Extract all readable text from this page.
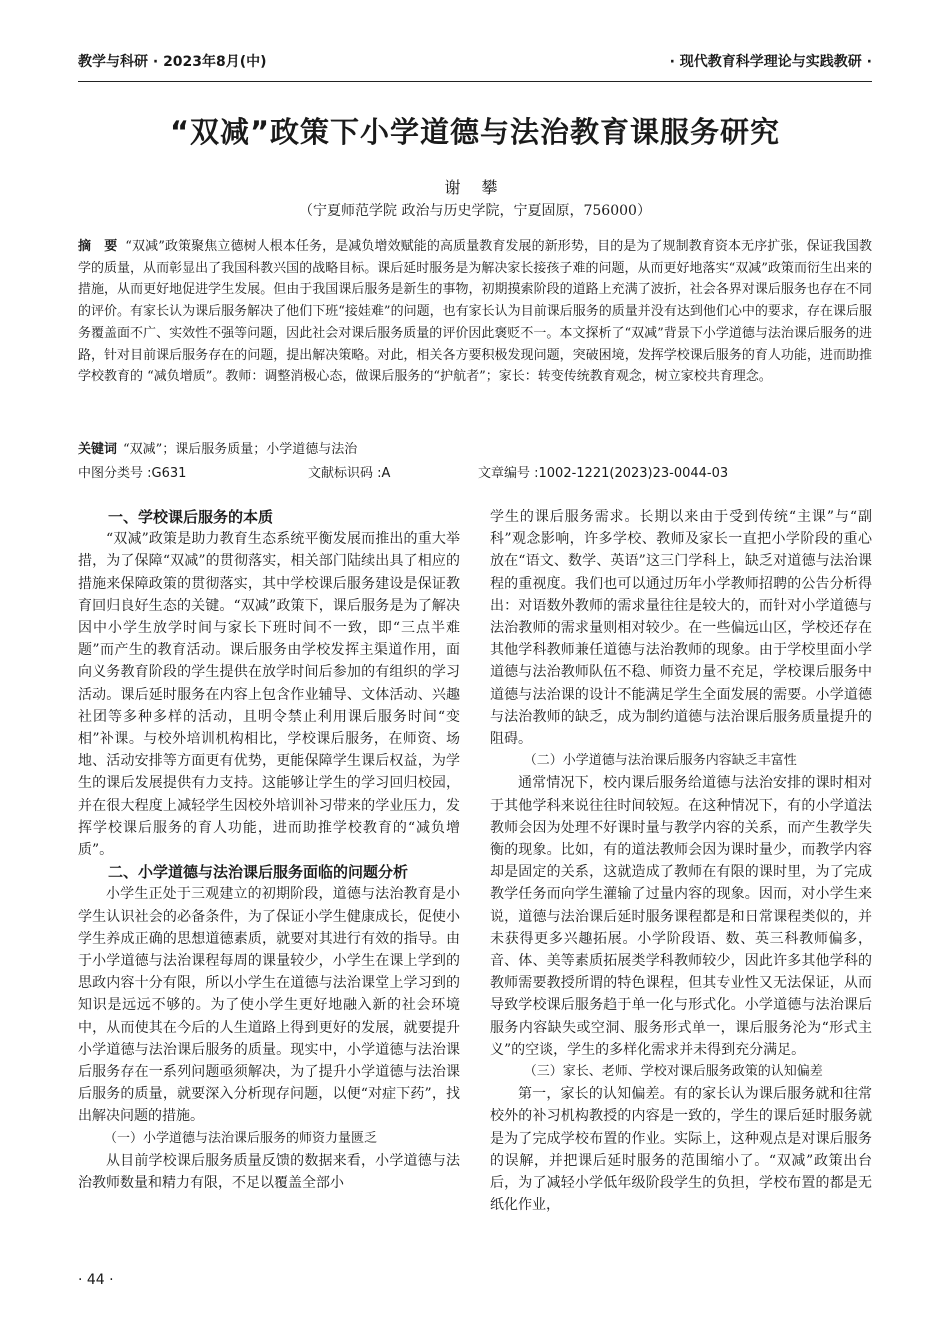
教学与科研 · 2023年8月(中)	· 现代教育科学理论与实践教研 ·
“双减”政策下小学道德与法治教育课服务研究
谢 攀
（宁夏师范学院 政治与历史学院，宁夏固原，756000）
摘　要 “双减”政策聚焦立德树人根本任务，是减负增效赋能的高质量教育发展的新形势，目的是为了规制教育资本无序扩张，保证我国教学的质量，从而彰显出了我国科教兴国的战略目标。课后延时服务是为解决家长接孩子难的问题，从而更好地落实“双减”政策而衍生出来的措施，从而更好地促进学生发展。但由于我国课后服务是新生的事物，初期摸索阶段的道路上充满了波折，社会各界对课后服务也存在不同的评价。有家长认为课后服务解决了他们下班“接娃难”的问题，也有家长认为目前课后服务的质量并没有达到他们心中的要求，存在课后服务覆盖面不广、实效性不强等问题，因此社会对课后服务质量的评价因此褒贬不一。本文探析了“双减”背景下小学道德与法治课后服务的进路，针对目前课后服务存在的问题，提出解决策略。对此，相关各方要积极发现问题，突破困境，发挥学校课后服务的育人功能，进而助推学校教育的 “减负增质”。教师：调整消极心态，做课后服务的“护航者”；家长：转变传统教育观念，树立家校共育理念。
关键词 “双减”；课后服务质量；小学道德与法治
中图分类号 :G631	文献标识码 :A	文章编号 :1002-1221(2023)23-0044-03
一、学校课后服务的本质

“双减”政策是助力教育生态系统平衡发展而推出的重大举措，为了保障“双减”的贯彻落实，相关部门陆续出具了相应的措施来保障政策的贯彻落实，其中学校课后服务建设是保证教育回归良好生态的关键。“双减”政策下，课后服务是为了解决因中小学生放学时间与家长下班时间不一致，即“三点半难题”而产生的教育活动。课后服务由学校发挥主渠道作用，面向义务教育阶段的学生提供在放学时间后参加的有组织的学习活动。课后延时服务在内容上包含作业辅导、文体活动、兴趣社团等多种多样的活动，且明令禁止利用课后服务时间“变相”补课。与校外培训机构相比，学校课后服务，在师资、场地、活动安排等方面更有优势，更能保障学生课后权益，为学生的课后发展提供有力支持。这能够让学生的学习回归校园，并在很大程度上减轻学生因校外培训补习带来的学业压力，发挥学校课后服务的育人功能，进而助推学校教育的“减负增质”。

二、小学道德与法治课后服务面临的问题分析

小学生正处于三观建立的初期阶段，道德与法治教育是小学生认识社会的必备条件，为了保证小学生健康成长，促使小学生养成正确的思想道德素质，就要对其进行有效的指导。由于小学道德与法治课程每周的课量较少，小学生在课上学到的思政内容十分有限，所以小学生在道德与法治课堂上学习到的知识是远远不够的。为了使小学生更好地融入新的社会环境中，从而使其在今后的人生道路上得到更好的发展，就要提升小学道德与法治课后服务的质量。现实中，小学道德与法治课后服务存在一系列问题亟须解决，为了提升小学道德与法治课后服务的质量，就要深入分析现存问题，以便“对症下药”，找出解决问题的措施。

（一）小学道德与法治课后服务的师资力量匮乏

从目前学校课后服务质量反馈的数据来看，小学道德与法治教师数量和精力有限，不足以覆盖全部小

学生的课后服务需求。长期以来由于受到传统“主课”与“副科”观念影响，许多学校、教师及家长一直把小学阶段的重心放在“语文、数学、英语”这三门学科上，缺乏对道德与法治课程的重视度。我们也可以通过历年小学教师招聘的公告分析得出：对语数外教师的需求量往往是较大的，而针对小学道德与法治教师的需求量则相对较少。在一些偏远山区，学校还存在其他学科教师兼任道德与法治教师的现象。由于学校里面小学道德与法治教师队伍不稳、师资力量不充足，学校课后服务中道德与法治课的设计不能满足学生全面发展的需要。小学道德与法治教师的缺乏，成为制约道德与法治课后服务质量提升的阻碍。

（二）小学道德与法治课后服务内容缺乏丰富性

通常情况下，校内课后服务给道德与法治安排的课时相对于其他学科来说往往时间较短。在这种情况下，有的小学道法教师会因为处理不好课时量与教学内容的关系，而产生教学失衡的现象。比如，有的道法教师会因为课时量少，而教学内容却是固定的关系，这就造成了教师在有限的课时里，为了完成教学任务而向学生灌输了过量内容的现象。因而，对小学生来说，道德与法治课后延时服务课程都是和日常课程类似的，并未获得更多兴趣拓展。小学阶段语、数、英三科教师偏多，音、体、美等素质拓展类学科教师较少，因此许多其他学科的教师需要教授所谓的特色课程，但其专业性又无法保证，从而导致学校课后服务趋于单一化与形式化。小学道德与法治课后服务内容缺失或空洞、服务形式单一，课后服务沦为“形式主义”的空谈，学生的多样化需求并未得到充分满足。

（三）家长、老师、学校对课后服务政策的认知偏差

第一，家长的认知偏差。有的家长认为课后服务就和往常校外的补习机构教授的内容是一致的，学生的课后延时服务就是为了完成学校布置的作业。实际上，这种观点是对课后服务的误解，并把课后延时服务的范围缩小了。“双减”政策出台后，为了减轻小学低年级阶段学生的负担，学校布置的都是无纸化作业，

· 44 ·
